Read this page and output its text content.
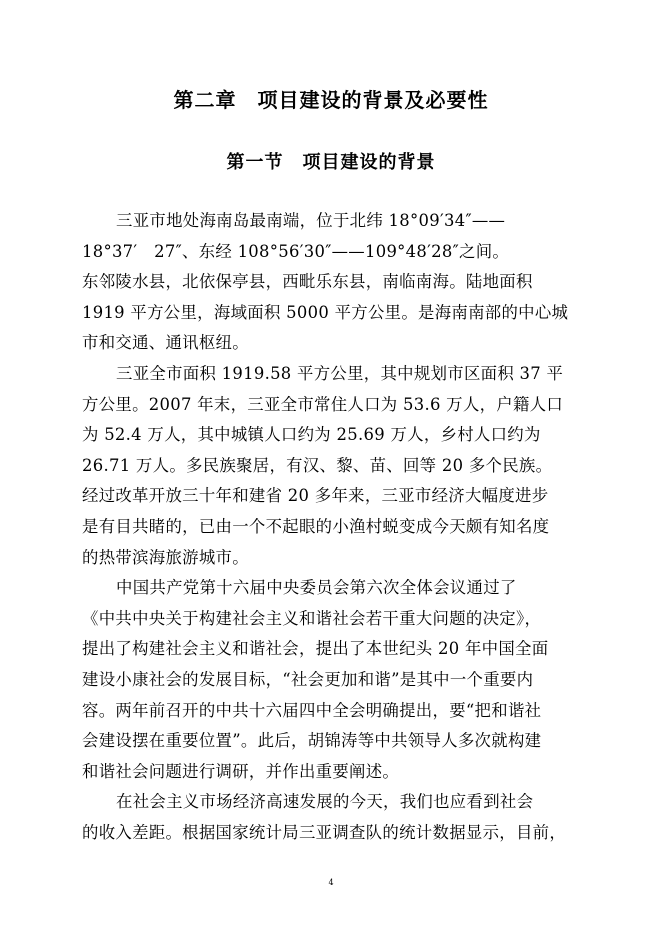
第二章　项目建设的背景及必要性
第一节　项目建设的背景
三亚市地处海南岛最南端，位于北纬 18°09′34″——
18°37′　27″、东经 108°56′30″——109°48′28″之间。
东邻陵水县，北依保亭县，西毗乐东县，南临南海。陆地面积
1919 平方公里，海域面积 5000 平方公里。是海南南部的中心城
市和交通、通讯枢纽。
三亚全市面积 1919.58 平方公里，其中规划市区面积 37 平
方公里。2007 年末，三亚全市常住人口为 53.6 万人，户籍人口
为 52.4 万人，其中城镇人口约为 25.69 万人，乡村人口约为
26.71 万人。多民族聚居，有汉、黎、苗、回等 20 多个民族。
经过改革开放三十年和建省 20 多年来，三亚市经济大幅度进步
是有目共睹的，已由一个不起眼的小渔村蜕变成今天颇有知名度
的热带滨海旅游城市。
中国共产党第十六届中央委员会第六次全体会议通过了
《中共中央关于构建社会主义和谐社会若干重大问题的决定》，
提出了构建社会主义和谐社会，提出了本世纪头 20 年中国全面
建设小康社会的发展目标，“社会更加和谐”是其中一个重要内
容。两年前召开的中共十六届四中全会明确提出，要“把和谐社
会建设摆在重要位置”。此后，胡锦涛等中共领导人多次就构建
和谐社会问题进行调研，并作出重要阐述。
在社会主义市场经济高速发展的今天，我们也应看到社会
的收入差距。根据国家统计局三亚调查队的统计数据显示，目前，
4
